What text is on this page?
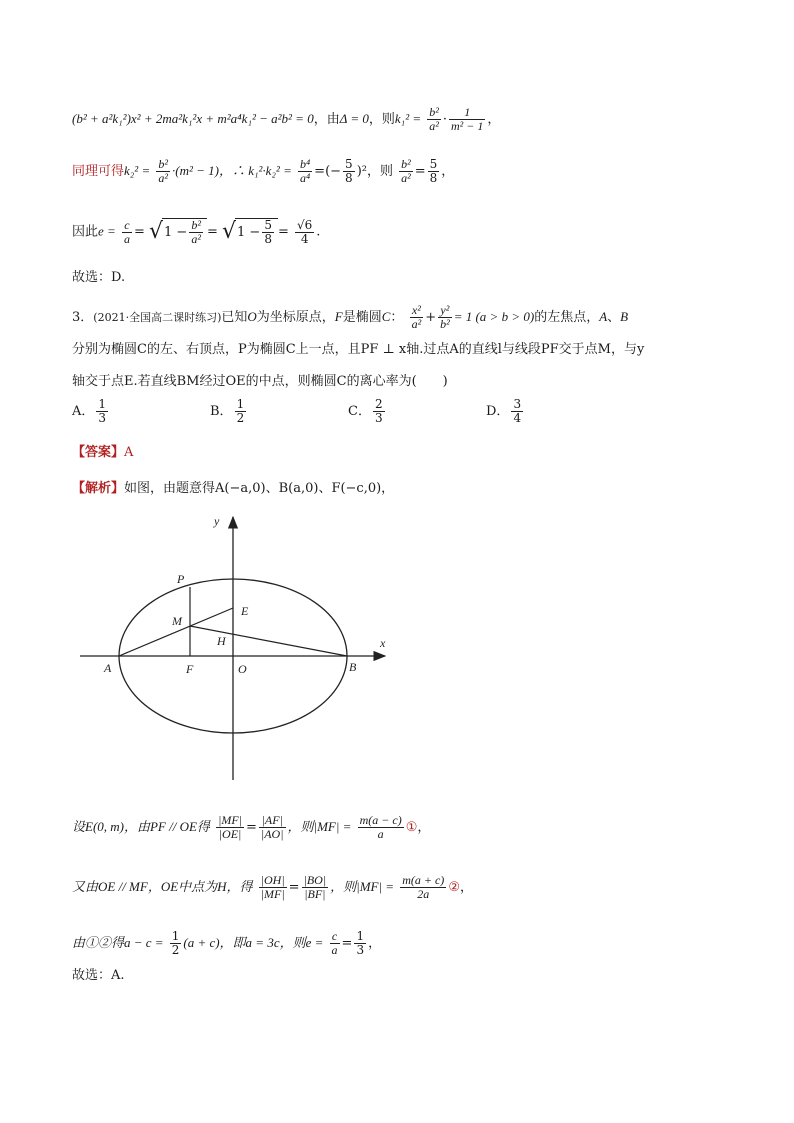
(b² + a²k₁²)x² + 2ma²k₁²x + m²a⁴k₁² − a²b² = 0，由Δ = 0，则$k_1^2 = \frac{\text{b²}}{\text{a²}} \cdot \frac{1}{\text{m² − 1}}$ ，
同理可得$k_2^2 = \frac{\text{b²}}{\text{a²}} \cdot(m^2 - 1)$，∴ $k_1^2\cdot k_2^2 = \frac{\text{b⁴}}{\text{a⁴}}$ =(− $\frac{5}{8} )^2$，则 $\frac{\text{b²}}{\text{a²}} = \frac{5}{8}$ ，
因此$e = \frac{c}{a} = √1 - \frac{\text{b²}}{\text{a²}} = √1 - \frac{5}{8} = \frac{√6}{4}$ .
故选：D.
3．(2021·全国高二课时练习)已知O为坐标原点，F是椭圆C： $\frac{\text{x²}}{\text{a²}} + \frac{\text{y²}}{\text{b²}} = 1$ (a > b > 0)的左焦点，A、B
分别为椭圆C的左、右顶点，P为椭圆C上一点，且PF ⊥ x轴.过点A的直线l与线段PF交于点M，与y
轴交于点E.若直线BM经过OE的中点，则椭圆C的离心率为(　　)
A． $\frac{1}{3}$	B． $\frac{1}{2}$	C． $\frac{2}{3}$	D． $\frac{3}{4}$
【答案】A
【解析】如图，由题意得A(−a,0)、B(a,0)、F(−c,0)，
y
x
P
M
E
H
A	F	O	B
设E(0, m)，由PF // OE得 $\frac{|MF|}{|OE|} = \frac{|AF|}{|AO|}$ ，则$|MF| = \frac{m(a - c)}{a}$ ①，
又由OE // MF，OE中点为H，得 $\frac{|OH|}{|MF|} = \frac{|BO|}{|BF|}$ ，则$|MF| = \frac{m(a + c)}{2a}$ ②，
由①②得$a - c = \frac{1}{2} (a + c)$，即a = 3c，则$e = \frac{c}{a} = \frac{1}{3}$ ，
故选：A.
